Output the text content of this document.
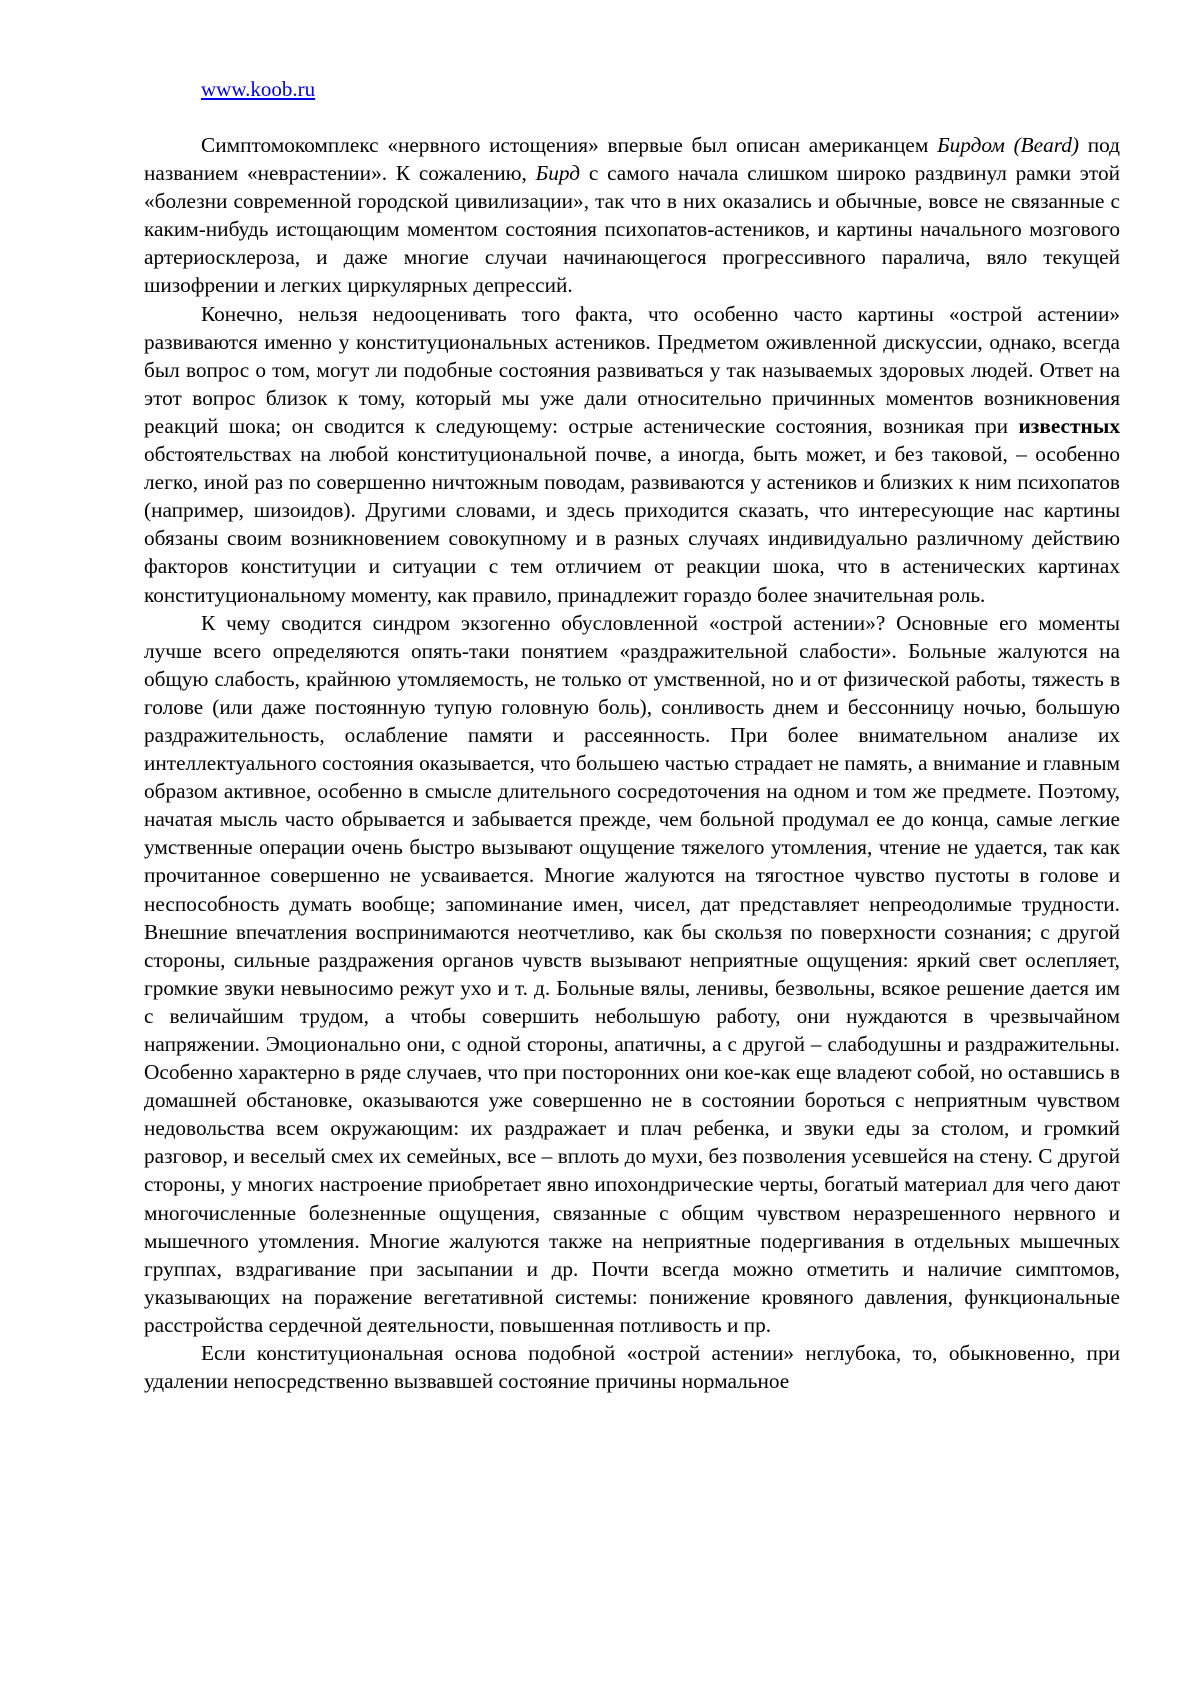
www.koob.ru

Симптомокомплекс «нервного истощения» впервые был описан американцем Бирдом (Beard) под названием «неврастении». К сожалению, Бирд с самого начала слишком широко раздвинул рамки этой «болезни современной городской цивилизации», так что в них оказались и обычные, вовсе не связанные с каким-нибудь истощающим моментом состояния психопатов-астеников, и картины начального мозгового артериосклероза, и даже многие случаи начинающегося прогрессивного паралича, вяло текущей шизофрении и легких циркулярных депрессий.

Конечно, нельзя недооценивать того факта, что особенно часто картины «острой астении» развиваются именно у конституциональных астеников. Предметом оживленной дискуссии, однако, всегда был вопрос о том, могут ли подобные состояния развиваться у так называемых здоровых людей. Ответ на этот вопрос близок к тому, который мы уже дали относительно причинных моментов возникновения реакций шока; он сводится к следующему: острые астенические состояния, возникая при известных обстоятельствах на любой конституциональной почве, а иногда, быть может, и без таковой, – особенно легко, иной раз по совершенно ничтожным поводам, развиваются у астеников и близких к ним психопатов (например, шизоидов). Другими словами, и здесь приходится сказать, что интересующие нас картины обязаны своим возникновением совокупному и в разных случаях индивидуально различному действию факторов конституции и ситуации с тем отличием от реакции шока, что в астенических картинах конституциональному моменту, как правило, принадлежит гораздо более значительная роль.

К чему сводится синдром экзогенно обусловленной «острой астении»? Основные его моменты лучше всего определяются опять-таки понятием «раздражительной слабости». Больные жалуются на общую слабость, крайнюю утомляемость, не только от умственной, но и от физической работы, тяжесть в голове (или даже постоянную тупую головную боль), сонливость днем и бессонницу ночью, большую раздражительность, ослабление памяти и рассеянность. При более внимательном анализе их интеллектуального состояния оказывается, что большею частью страдает не память, а внимание и главным образом активное, особенно в смысле длительного сосредоточения на одном и том же предмете. Поэтому, начатая мысль часто обрывается и забывается прежде, чем больной продумал ее до конца, самые легкие умственные операции очень быстро вызывают ощущение тяжелого утомления, чтение не удается, так как прочитанное совершенно не усваивается. Многие жалуются на тягостное чувство пустоты в голове и неспособность думать вообще; запоминание имен, чисел, дат представляет непреодолимые трудности. Внешние впечатления воспринимаются неотчетливо, как бы скользя по поверхности сознания; с другой стороны, сильные раздражения органов чувств вызывают неприятные ощущения: яркий свет ослепляет, громкие звуки невыносимо режут ухо и т. д. Больные вялы, ленивы, безвольны, всякое решение дается им с величайшим трудом, а чтобы совершить небольшую работу, они нуждаются в чрезвычайном напряжении. Эмоционально они, с одной стороны, апатичны, а с другой – слабодушны и раздражительны. Особенно характерно в ряде случаев, что при посторонних они кое-как еще владеют собой, но оставшись в домашней обстановке, оказываются уже совершенно не в состоянии бороться с неприятным чувством недовольства всем окружающим: их раздражает и плач ребенка, и звуки еды за столом, и громкий разговор, и веселый смех их семейных, все – вплоть до мухи, без позволения усевшейся на стену. С другой стороны, у многих настроение приобретает явно ипохондрические черты, богатый материал для чего дают многочисленные болезненные ощущения, связанные с общим чувством неразрешенного нервного и мышечного утомления. Многие жалуются также на неприятные подергивания в отдельных мышечных группах, вздрагивание при засыпании и др. Почти всегда можно отметить и наличие симптомов, указывающих на поражение вегетативной системы: понижение кровяного давления, функциональные расстройства сердечной деятельности, повышенная потливость и пр.

Если конституциональная основа подобной «острой астении» неглубока, то, обыкновенно, при удалении непосредственно вызвавшей состояние причины нормальное
